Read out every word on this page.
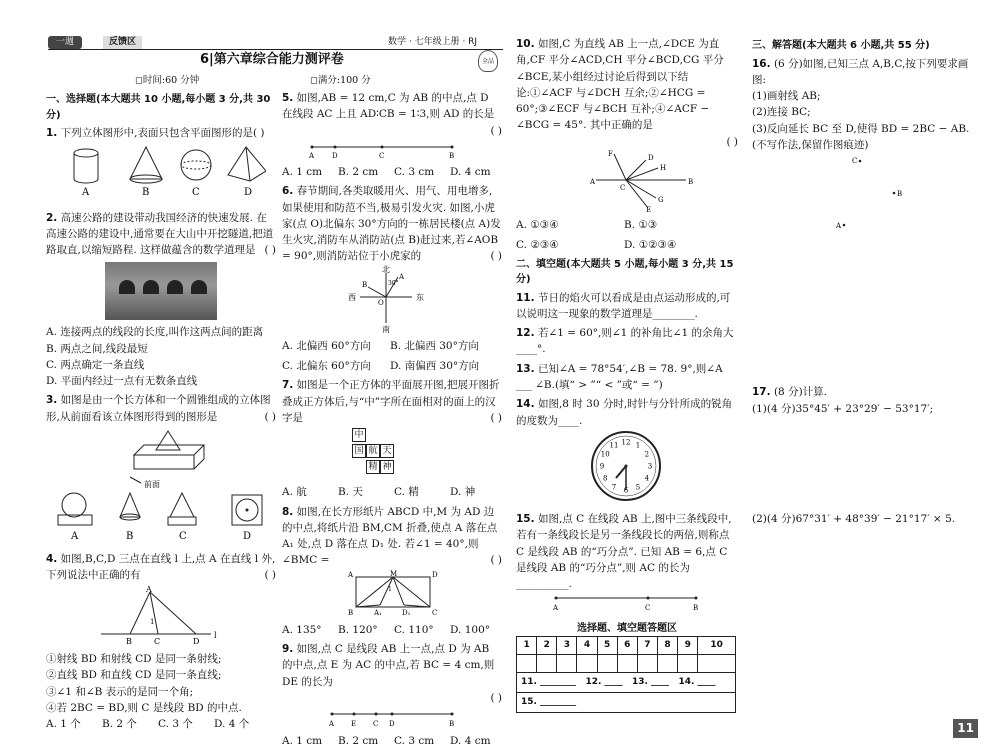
一週	反馈区	数学 · 七年级上册 · RJ
6|第六章综合能力测评卷	全品
◻时间:60 分钟	◻满分:100 分
一、选择题(本大题共 10 小题,每小题 3 分,共 30 分)
1. 下列立体图形中,表面只包含平面图形的是( )
A	B	C	D
2. 高速公路的建设带动我国经济的快速发展. 在高速公路的建设中,通常要在大山中开挖隧道,把道路取直,以缩短路程. 这样做蕴含的数学道理是 ( )
A. 连接两点的线段的长度,叫作这两点间的距离
B. 两点之间,线段最短
C. 两点确定一条直线
D. 平面内经过一点有无数条直线
3. 如图是由一个长方体和一个圆锥组成的立体图形,从前面看该立体图形得到的图形是	( )
前面
A	B	C	D
4. 如图,B,C,D 三点在直线 l 上,点 A 在直线 l 外,下列说法中正确的有	( )
A
1
B	C	D
l
①射线 BD 和射线 CD 是同一条射线;
②直线 BD 和直线 CD 是同一条直线;
③∠1 和∠B 表示的是同一个角;
④若 2BC = BD,则 C 是线段 BD 的中点.
A. 1 个	B. 2 个	C. 3 个	D. 4 个
5. 如图,AB = 12 cm,C 为 AB 的中点,点 D 在线段 AC 上且 AD∶CB = 1∶3,则 AD 的长是
( )
A	D	C	B
A. 1 cm	B. 2 cm	C. 3 cm	D. 4 cm
6. 春节期间,各类取暖用火、用气、用电增多,如果使用和防范不当,极易引发火灾. 如图,小虎家(点 O)北偏东 30°方向的一栋居民楼(点 A)发生火灾,消防车从消防站(点 B)赶过来,若∠AOB = 90°,则消防站位于小虎家的	( )
北
南
西	东
A
B
O
30°
A. 北偏西 60°方向	B. 北偏西 30°方向
C. 北偏东 60°方向	D. 南偏西 30°方向
7. 如图是一个正方体的平面展开图,把展开图折叠成正方体后,与“中”字所在面相对的面上的汉字是	( )
中
国 航 天
精 神
A. 航	B. 天	C. 精	D. 神
8. 如图,在长方形纸片 ABCD 中,M 为 AD 边的中点,将纸片沿 BM,CM 折叠,使点 A 落在点 A₁ 处,点 D 落在点 D₁ 处. 若∠1 = 40°,则∠BMC =	( )
A	M	D
B	C
A₁	D₁
1
A. 135°	B. 120°	C. 110°	D. 100°
9. 如图,点 C 是线段 AB 上一点,点 D 为 AB 的中点,点 E 为 AC 的中点,若 BC = 4 cm,则 DE 的长为
( )
A E C D	B
A. 1 cm	B. 2 cm	C. 3 cm	D. 4 cm
10. 如图,C 为直线 AB 上一点,∠DCE 为直角,CF 平分∠ACD,CH 平分∠BCD,CG 平分∠BCE,某小组经过讨论后得到以下结论:①∠ACF 与∠DCH 互余;②∠HCG = 60°;③∠ECF 与∠BCH 互补;④∠ACF − ∠BCG = 45°. 其中正确的是
( )
F	D
H
A
C
B
G
E
A. ①③④	B. ①③
C. ②③④	D. ①②③④
二、填空题(本大题共 5 小题,每小题 3 分,共 15 分)
11. 节日的焰火可以看成是由点运动形成的,可以说明这一现象的数学道理是________.
12. 若∠1 = 60°,则∠1 的补角比∠1 的余角大____°.
13. 已知∠A = 78°54′,∠B = 78. 9°,则∠A ___ ∠B.(填“ > ”“ < ”或“ = ”)
14. 如图,8 时 30 分时,时针与分针所成的锐角的度数为____.
12 1
2
3
4
5
6
7
8
9
10
11
15. 如图,点 C 在线段 AB 上,图中三条线段中,若有一条线段长是另一条线段长的两倍,则称点 C 是线段 AB 的“巧分点”. 已知 AB = 6,点 C 是线段 AB 的“巧分点”,则 AC 的长为__________.
A	C	B
选择题、填空题答题区
1	2	3	4	5	6	7	8	9	10

11. ________ 12. ____ 13. ____ 14. ____									
15. ________									
三、解答题(本大题共 6 小题,共 55 分)
16. (6 分)如图,已知三点 A,B,C,按下列要求画图:
(1)画射线 AB;
(2)连接 BC;
(3)反向延长 BC 至 D,使得 BD = 2BC − AB.(不写作法,保留作图痕迹)
C
B
A
17. (8 分)计算.
(1)(4 分)35°45′ + 23°29′ − 53°17′;
(2)(4 分)67°31′ + 48°39′ − 21°17′ × 5.
11
